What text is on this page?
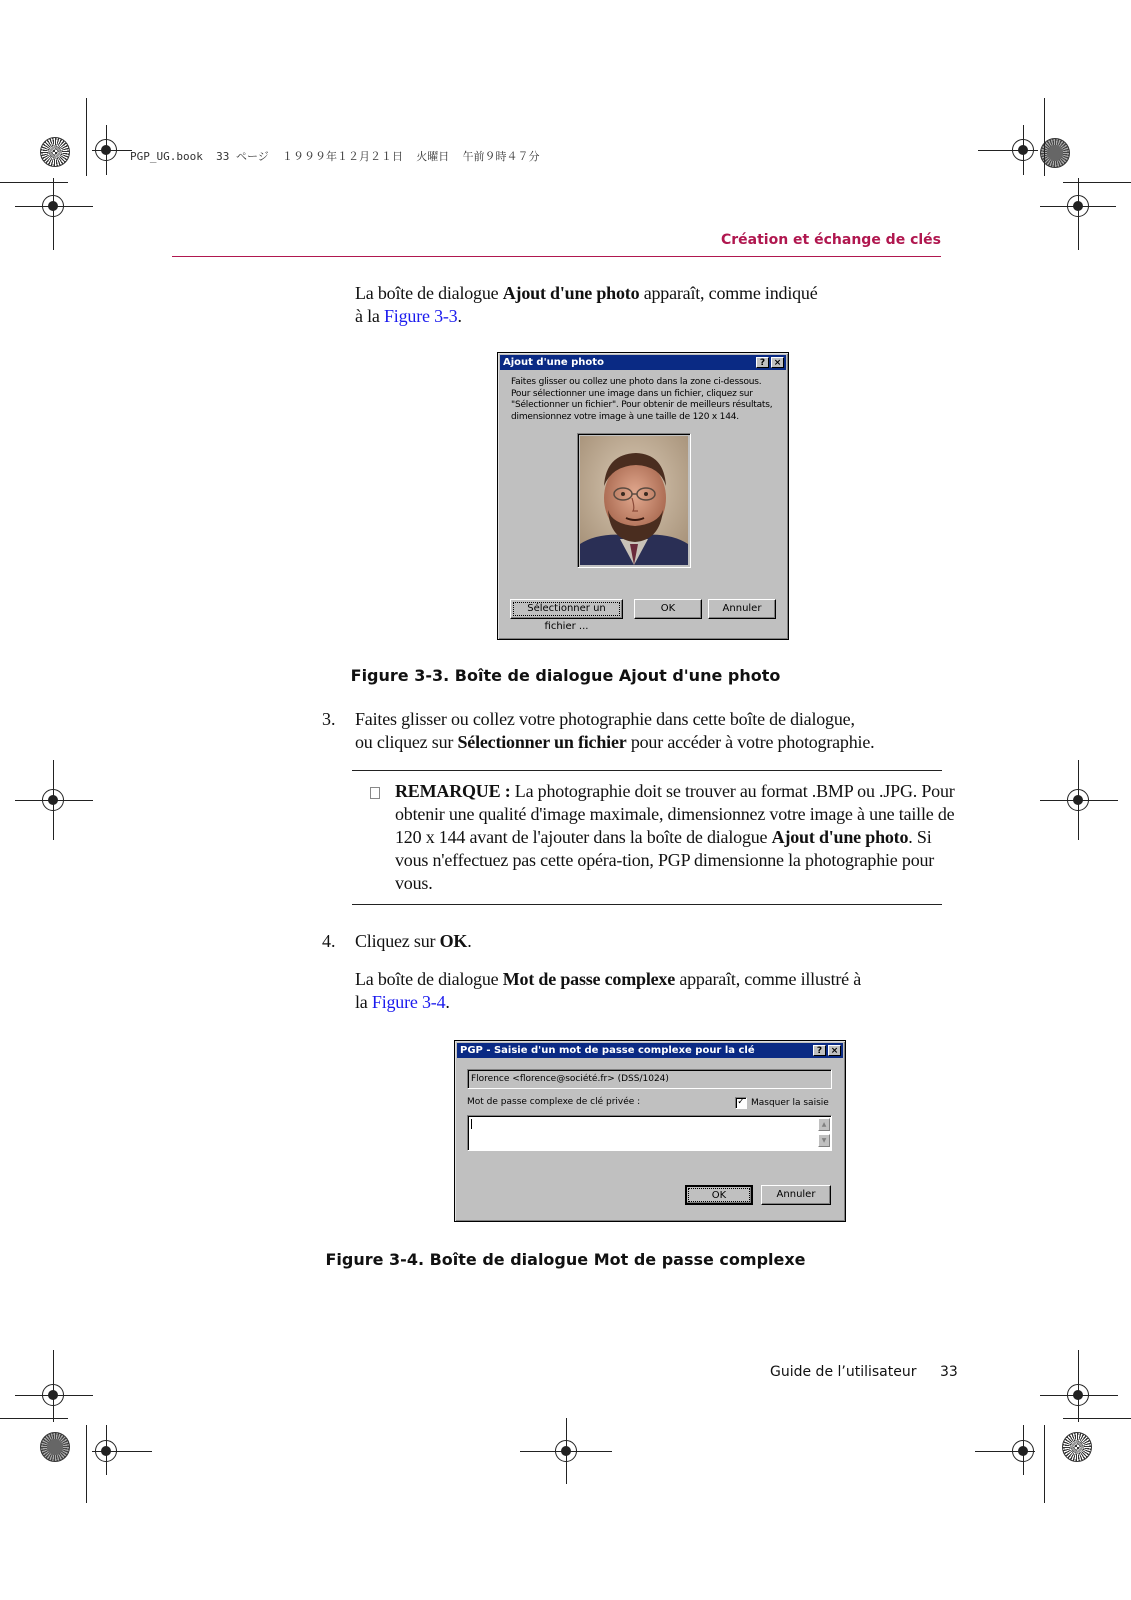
PGP_UG.book  33 ページ  １９９９年１２月２１日  火曜日  午前９時４７分
Création et échange de clés
La boîte de dialogue Ajout d'une photo apparaît, comme indiqué
à la Figure 3-3.
Ajout d'une photo	? ×
Faites glisser ou collez une photo dans la zone ci-dessous. Pour sélectionner une image dans un fichier, cliquez sur "Sélectionner un fichier". Pour obtenir de meilleurs résultats, dimensionnez votre image à une taille de 120 x 144.
Sélectionner un fichier ...
OK	Annuler
Figure 3-3. Boîte de dialogue Ajout d'une photo
3. Faites glisser ou collez votre photographie dans cette boîte de dialogue,
ou cliquez sur Sélectionner un fichier pour accéder à votre photographie.
REMARQUE : La photographie doit se trouver au format .BMP ou .JPG. Pour obtenir une qualité d'image maximale, dimensionnez votre image à une taille de 120 x 144 avant de l'ajouter dans la boîte de dialogue Ajout d'une photo. Si vous n'effectuez pas cette opéra-tion, PGP dimensionne la photographie pour vous.
4. Cliquez sur OK.
La boîte de dialogue Mot de passe complexe apparaît, comme illustré à
la Figure 3-4.
PGP - Saisie d'un mot de passe complexe pour la clé	? ×
Florence <florence@société.fr> (DSS/1024)
Mot de passe complexe de clé privée :	✓ Masquer la saisie
▲
▼
OK	Annuler
Figure 3-4. Boîte de dialogue Mot de passe complexe
Guide de l’utilisateur 33
